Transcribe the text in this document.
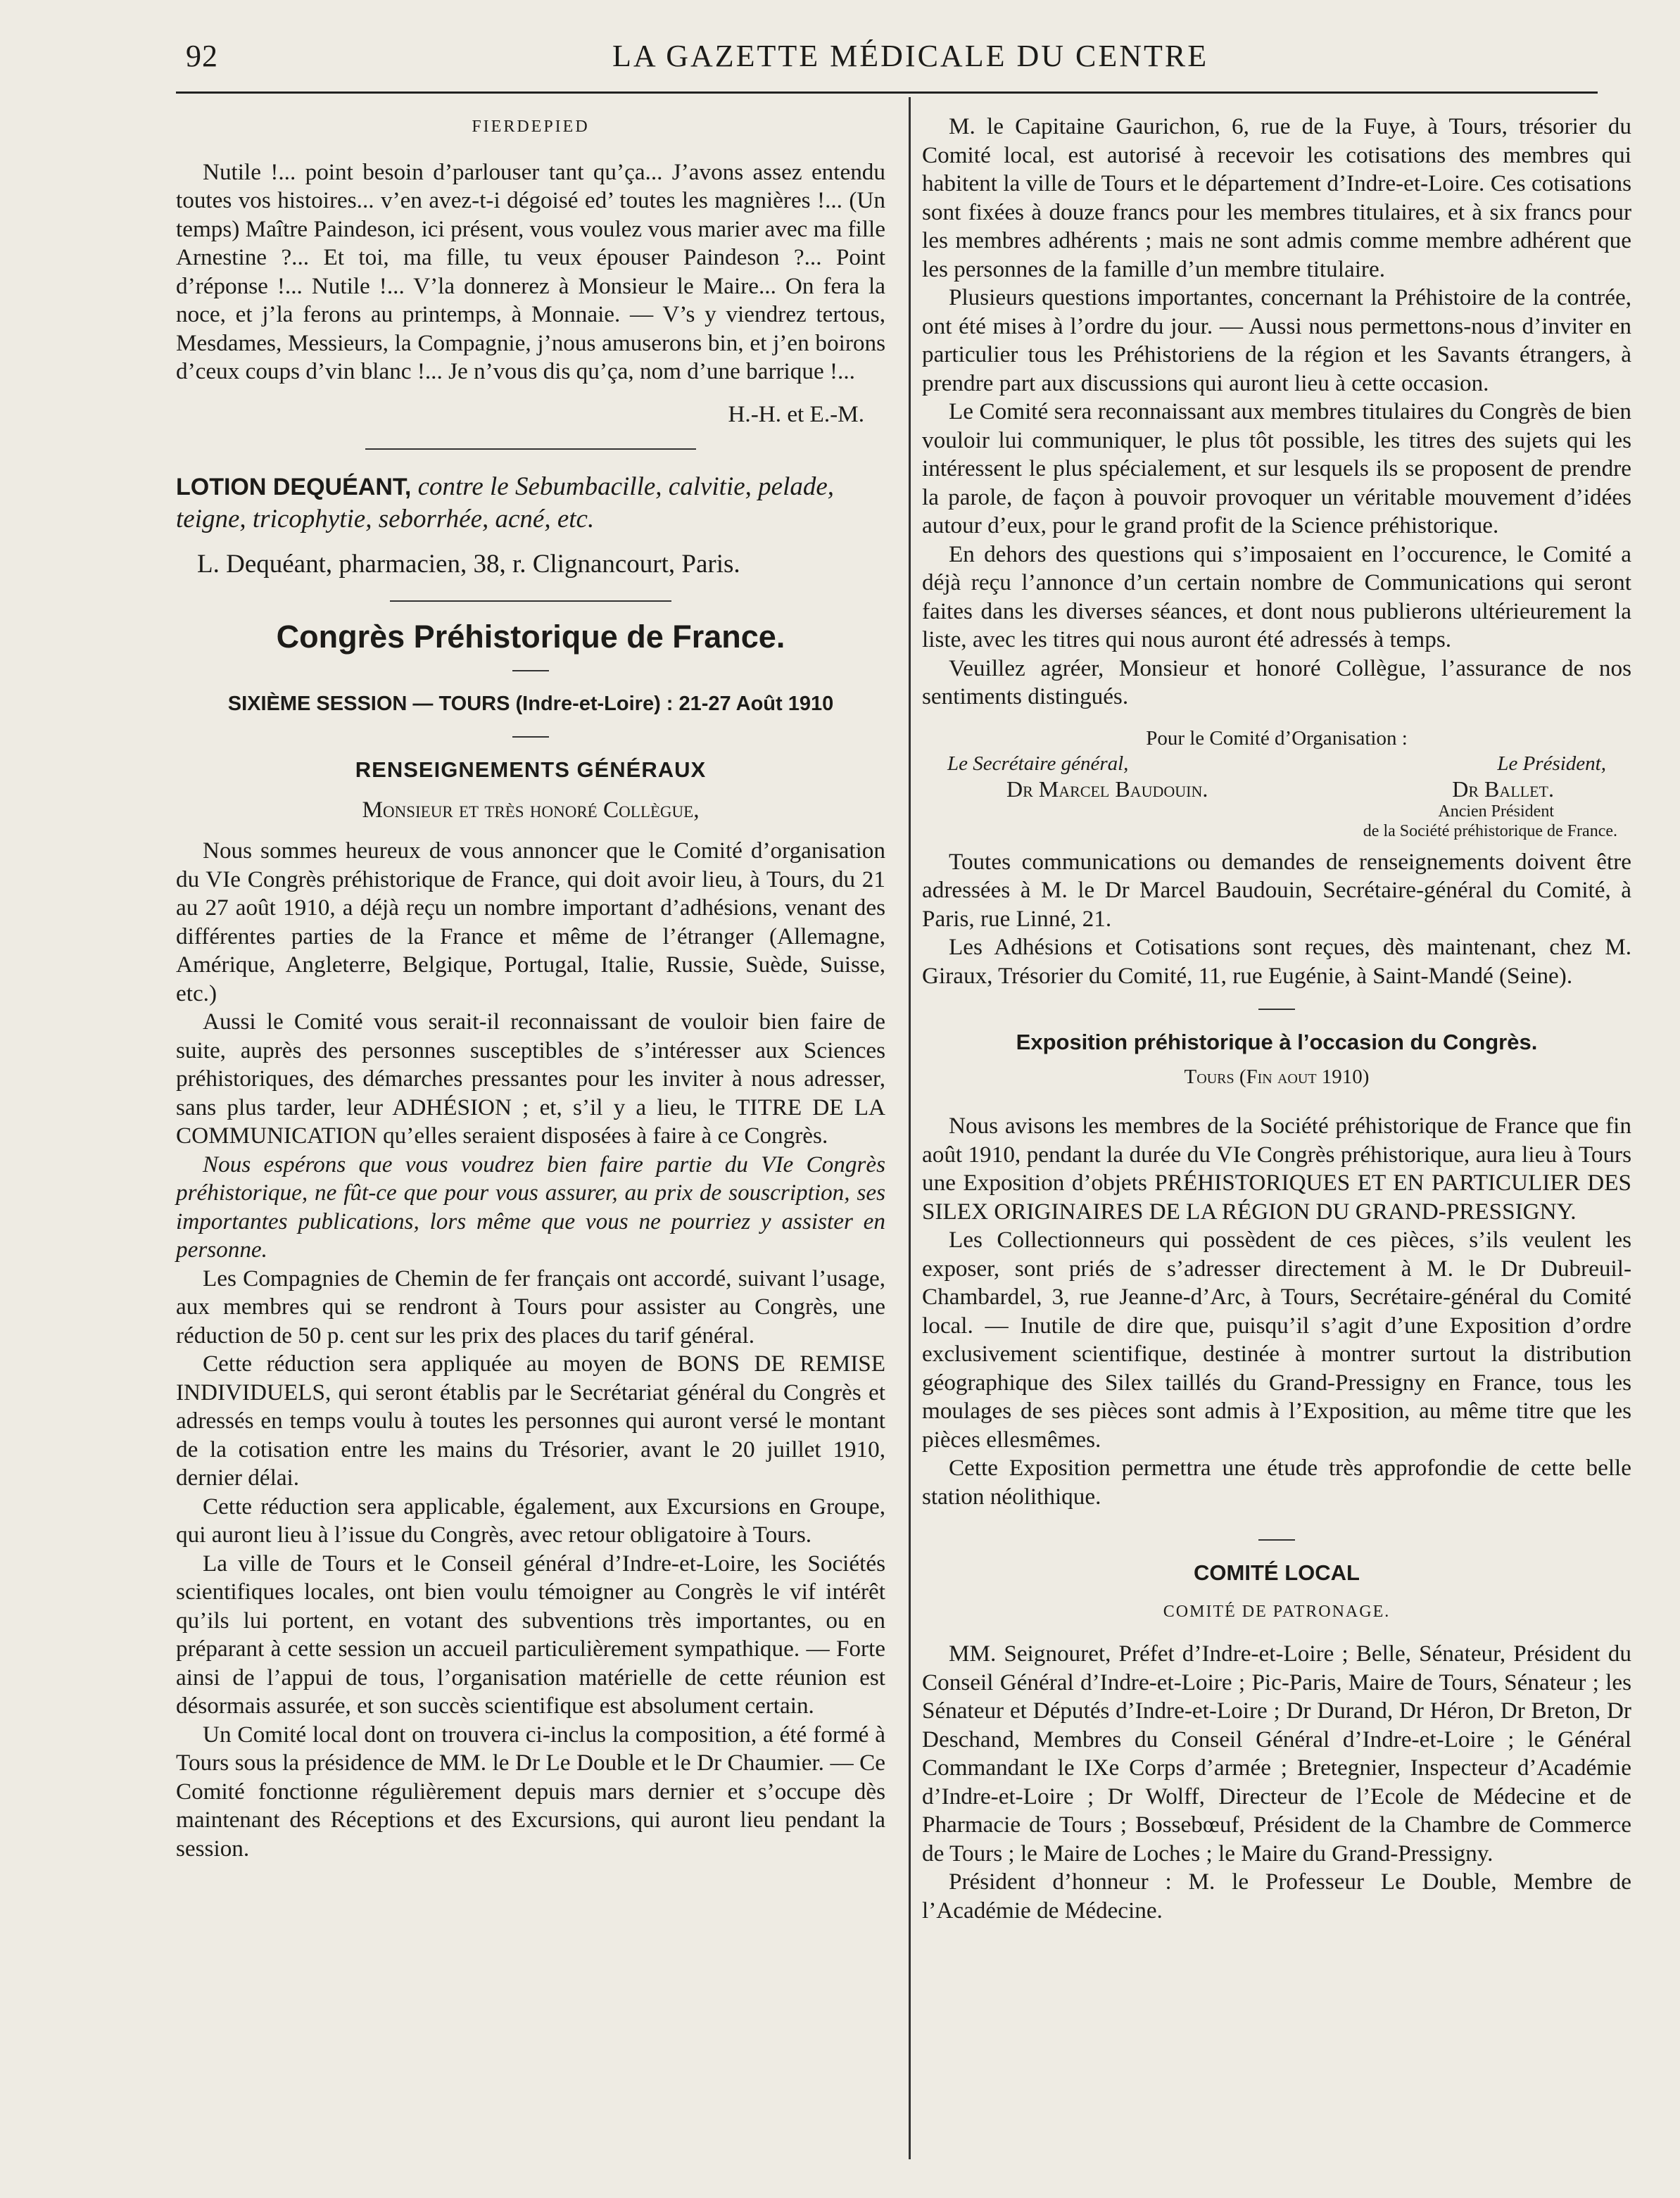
92	LA GAZETTE MÉDICALE DU CENTRE
FIERDEPIED

Nutile !... point besoin d’parlouser tant qu’ça... J’avons assez entendu toutes vos histoires... v’en avez-t-i dégoisé ed’ toutes les magnières !... (Un temps) Maître Paindeson, ici présent, vous voulez vous marier avec ma fille Arnestine ?... Et toi, ma fille, tu veux épouser Paindeson ?... Point d’réponse !... Nutile !... V’la donnerez à Monsieur le Maire... On fera la noce, et j’la ferons au printemps, à Monnaie. — V’s y viendrez tertous, Mesdames, Messieurs, la Compagnie, j’nous amuserons bin, et j’en boirons d’ceux coups d’vin blanc !... Je n’vous dis qu’ça, nom d’une barrique !...

H.-H. et E.-M.

LOTION DEQUÉANT, contre le Sebumbacille, calvitie, pelade, teigne, tricophytie, seborrhée, acné, etc.

L. Dequéant, pharmacien, 38, r. Clignancourt, Paris.

Congrès Préhistorique de France.
SIXIÈME SESSION — TOURS (Indre-et-Loire) : 21-27 Août 1910
RENSEIGNEMENTS GÉNÉRAUX
Monsieur et très honoré Collègue,

Nous sommes heureux de vous annoncer que le Comité d’organisation du VIe Congrès préhistorique de France, qui doit avoir lieu, à Tours, du 21 au 27 août 1910, a déjà reçu un nombre important d’adhésions, venant des différentes parties de la France et même de l’étranger (Allemagne, Amérique, Angleterre, Belgique, Portugal, Italie, Russie, Suède, Suisse, etc.)

Aussi le Comité vous serait-il reconnaissant de vouloir bien faire de suite, auprès des personnes susceptibles de s’intéresser aux Sciences préhistoriques, des démarches pressantes pour les inviter à nous adresser, sans plus tarder, leur ADHÉSION ; et, s’il y a lieu, le TITRE DE LA COMMUNICATION qu’elles seraient disposées à faire à ce Congrès.

Nous espérons que vous voudrez bien faire partie du VIe Congrès préhistorique, ne fût-ce que pour vous assurer, au prix de souscription, ses importantes publications, lors même que vous ne pourriez y assister en personne.

Les Compagnies de Chemin de fer français ont accordé, suivant l’usage, aux membres qui se rendront à Tours pour assister au Congrès, une réduction de 50 p. cent sur les prix des places du tarif général.

Cette réduction sera appliquée au moyen de BONS DE REMISE INDIVIDUELS, qui seront établis par le Secrétariat général du Congrès et adressés en temps voulu à toutes les personnes qui auront versé le montant de la cotisation entre les mains du Trésorier, avant le 20 juillet 1910, dernier délai.

Cette réduction sera applicable, également, aux Excursions en Groupe, qui auront lieu à l’issue du Congrès, avec retour obligatoire à Tours.

La ville de Tours et le Conseil général d’Indre-et-Loire, les Sociétés scientifiques locales, ont bien voulu témoigner au Congrès le vif intérêt qu’ils lui portent, en votant des subventions très importantes, ou en préparant à cette session un accueil particulièrement sympathique. — Forte ainsi de l’appui de tous, l’organisation matérielle de cette réunion est désormais assurée, et son succès scientifique est absolument certain.

Un Comité local dont on trouvera ci-inclus la composition, a été formé à Tours sous la présidence de MM. le Dr Le Double et le Dr Chaumier. — Ce Comité fonctionne régulièrement depuis mars dernier et s’occupe dès maintenant des Réceptions et des Excursions, qui auront lieu pendant la session.

M. le Capitaine Gaurichon, 6, rue de la Fuye, à Tours, trésorier du Comité local, est autorisé à recevoir les cotisations des membres qui habitent la ville de Tours et le département d’Indre-et-Loire. Ces cotisations sont fixées à douze francs pour les membres titulaires, et à six francs pour les membres adhérents ; mais ne sont admis comme membre adhérent que les personnes de la famille d’un membre titulaire.

Plusieurs questions importantes, concernant la Préhistoire de la contrée, ont été mises à l’ordre du jour. — Aussi nous permettons-nous d’inviter en particulier tous les Préhistoriens de la région et les Savants étrangers, à prendre part aux discussions qui auront lieu à cette occasion.

Le Comité sera reconnaissant aux membres titulaires du Congrès de bien vouloir lui communiquer, le plus tôt possible, les titres des sujets qui les intéressent le plus spécialement, et sur lesquels ils se proposent de prendre la parole, de façon à pouvoir provoquer un véritable mouvement d’idées autour d’eux, pour le grand profit de la Science préhistorique.

En dehors des questions qui s’imposaient en l’occurence, le Comité a déjà reçu l’annonce d’un certain nombre de Communications qui seront faites dans les diverses séances, et dont nous publierons ultérieurement la liste, avec les titres qui nous auront été adressés à temps.

Veuillez agréer, Monsieur et honoré Collègue, l’assurance de nos sentiments distingués.

Pour le Comité d’Organisation :
Le Secrétaire général,	Le Président,
Dr Marcel Baudouin.	Dr Ballet.
Ancien Président
de la Société préhistorique de France.

Toutes communications ou demandes de renseignements doivent être adressées à M. le Dr Marcel Baudouin, Secrétaire-général du Comité, à Paris, rue Linné, 21.

Les Adhésions et Cotisations sont reçues, dès maintenant, chez M. Giraux, Trésorier du Comité, 11, rue Eugénie, à Saint-Mandé (Seine).

Exposition préhistorique à l’occasion du Congrès.
Tours (Fin aout 1910)

Nous avisons les membres de la Société préhistorique de France que fin août 1910, pendant la durée du VIe Congrès préhistorique, aura lieu à Tours une Exposition d’objets PRÉHISTORIQUES ET EN PARTICULIER DES SILEX ORIGINAIRES DE LA RÉGION DU GRAND-PRESSIGNY.

Les Collectionneurs qui possèdent de ces pièces, s’ils veulent les exposer, sont priés de s’adresser directement à M. le Dr Dubreuil-Chambardel, 3, rue Jeanne-d’Arc, à Tours, Secrétaire-général du Comité local. — Inutile de dire que, puisqu’il s’agit d’une Exposition d’ordre exclusivement scientifique, destinée à montrer surtout la distribution géographique des Silex taillés du Grand-Pressigny en France, tous les moulages de ses pièces sont admis à l’Exposition, au même titre que les pièces ellesmêmes.

Cette Exposition permettra une étude très approfondie de cette belle station néolithique.

COMITÉ LOCAL
COMITÉ DE PATRONAGE.

MM. Seignouret, Préfet d’Indre-et-Loire ; Belle, Sénateur, Président du Conseil Général d’Indre-et-Loire ; Pic-Paris, Maire de Tours, Sénateur ; les Sénateur et Députés d’Indre-et-Loire ; Dr Durand, Dr Héron, Dr Breton, Dr Deschand, Membres du Conseil Général d’Indre-et-Loire ; le Général Commandant le IXe Corps d’armée ; Bretegnier, Inspecteur d’Académie d’Indre-et-Loire ; Dr Wolff, Directeur de l’Ecole de Médecine et de Pharmacie de Tours ; Bossebœuf, Président de la Chambre de Commerce de Tours ; le Maire de Loches ; le Maire du Grand-Pressigny.

Président d’honneur : M. le Professeur Le Double, Membre de l’Académie de Médecine.
